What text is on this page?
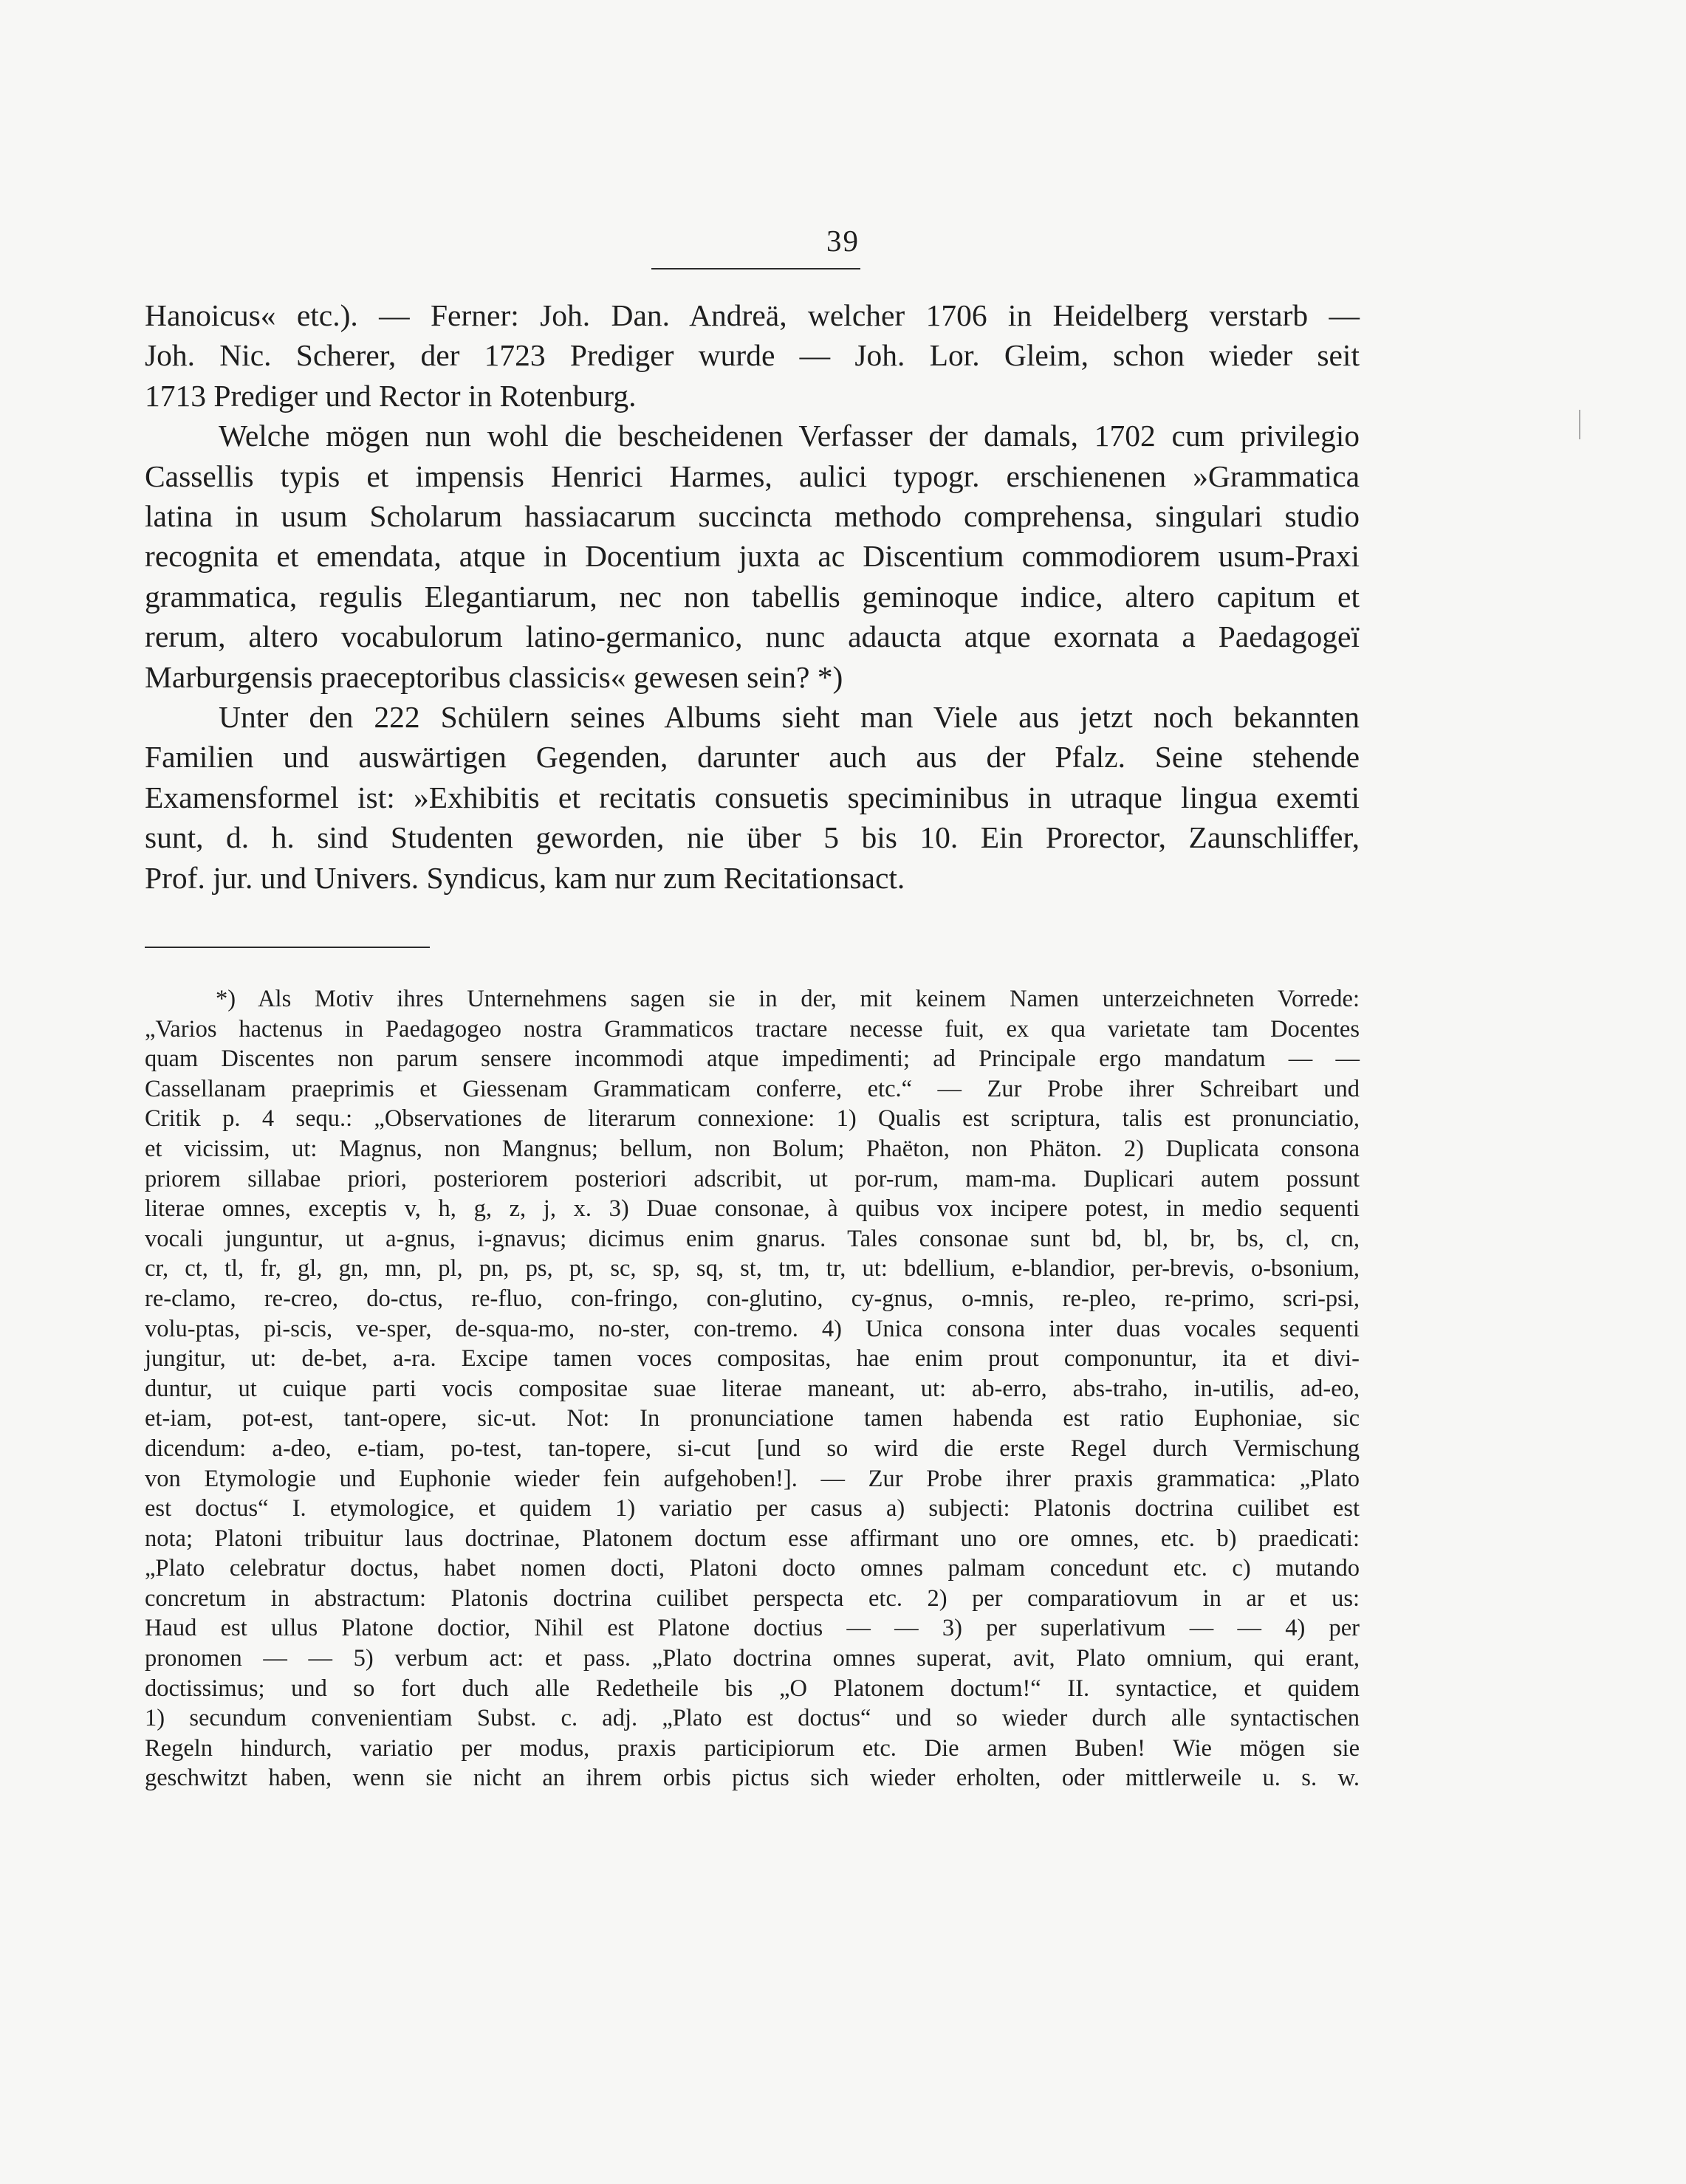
39
Hanoicus« etc.). — Ferner: Joh. Dan. Andreä, welcher 1706 in Heidelberg verstarb —
Joh. Nic. Scherer, der 1723 Prediger wurde — Joh. Lor. Gleim, schon wieder seit
1713 Prediger und Rector in Rotenburg.
Welche mögen nun wohl die bescheidenen Verfasser der damals, 1702 cum privilegio
Cassellis typis et impensis Henrici Harmes, aulici typogr. erschienenen »Grammatica
latina in usum Scholarum hassiacarum succincta methodo comprehensa, singulari studio
recognita et emendata, atque in Docentium juxta ac Discentium commodiorem usum-Praxi
grammatica, regulis Elegantiarum, nec non tabellis geminoque indice, altero capitum et
rerum, altero vocabulorum latino-germanico, nunc adaucta atque exornata a Paedagogeï
Marburgensis praeceptoribus classicis« gewesen sein? *)
Unter den 222 Schülern seines Albums sieht man Viele aus jetzt noch bekannten
Familien und auswärtigen Gegenden, darunter auch aus der Pfalz. Seine stehende
Examensformel ist: »Exhibitis et recitatis consuetis speciminibus in utraque lingua exemti
sunt, d. h. sind Studenten geworden, nie über 5 bis 10. Ein Prorector, Zaunschliffer,
Prof. jur. und Univers. Syndicus, kam nur zum Recitationsact.
*) Als Motiv ihres Unternehmens sagen sie in der, mit keinem Namen unterzeichneten Vorrede:
„Varios hactenus in Paedagogeo nostra Grammaticos tractare necesse fuit, ex qua varietate tam Docentes
quam Discentes non parum sensere incommodi atque impedimenti; ad Principale ergo mandatum — —
Cassellanam praeprimis et Giessenam Grammaticam conferre, etc.“ — Zur Probe ihrer Schreibart und
Critik p. 4 sequ.: „Observationes de literarum connexione: 1) Qualis est scriptura, talis est pronunciatio,
et vicissim, ut: Magnus, non Mangnus; bellum, non Bolum; Phaëton, non Phäton. 2) Duplicata consona
priorem sillabae priori, posteriorem posteriori adscribit, ut por-rum, mam-ma. Duplicari autem possunt
literae omnes, exceptis v, h, g, z, j, x. 3) Duae consonae, à quibus vox incipere potest, in medio sequenti
vocali junguntur, ut a-gnus, i-gnavus; dicimus enim gnarus. Tales consonae sunt bd, bl, br, bs, cl, cn,
cr, ct, tl, fr, gl, gn, mn, pl, pn, ps, pt, sc, sp, sq, st, tm, tr, ut: bdellium, e-blandior, per-brevis, o-bsonium,
re-clamo, re-creo, do-ctus, re-fluo, con-fringo, con-glutino, cy-gnus, o-mnis, re-pleo, re-primo, scri-psi,
volu-ptas, pi-scis, ve-sper, de-squa-mo, no-ster, con-tremo. 4) Unica consona inter duas vocales sequenti
jungitur, ut: de-bet, a-ra. Excipe tamen voces compositas, hae enim prout componuntur, ita et divi-
duntur, ut cuique parti vocis compositae suae literae maneant, ut: ab-erro, abs-traho, in-utilis, ad-eo,
et-iam, pot-est, tant-opere, sic-ut. Not: In pronunciatione tamen habenda est ratio Euphoniae, sic
dicendum: a-deo, e-tiam, po-test, tan-topere, si-cut [und so wird die erste Regel durch Vermischung
von Etymologie und Euphonie wieder fein aufgehoben!]. — Zur Probe ihrer praxis grammatica: „Plato
est doctus“ I. etymologice, et quidem 1) variatio per casus a) subjecti: Platonis doctrina cuilibet est
nota; Platoni tribuitur laus doctrinae, Platonem doctum esse affirmant uno ore omnes, etc. b) praedicati:
„Plato celebratur doctus, habet nomen docti, Platoni docto omnes palmam concedunt etc. c) mutando
concretum in abstractum: Platonis doctrina cuilibet perspecta etc. 2) per comparatiovum in ar et us:
Haud est ullus Platone doctior, Nihil est Platone doctius — — 3) per superlativum — — 4) per
pronomen — — 5) verbum act: et pass. „Plato doctrina omnes superat, avit, Plato omnium, qui erant,
doctissimus; und so fort duch alle Redetheile bis „O Platonem doctum!“ II. syntactice, et quidem
1) secundum convenientiam Subst. c. adj. „Plato est doctus“ und so wieder durch alle syntactischen
Regeln hindurch, variatio per modus, praxis participiorum etc. Die armen Buben! Wie mögen sie
geschwitzt haben, wenn sie nicht an ihrem orbis pictus sich wieder erholten, oder mittlerweile u. s. w.
